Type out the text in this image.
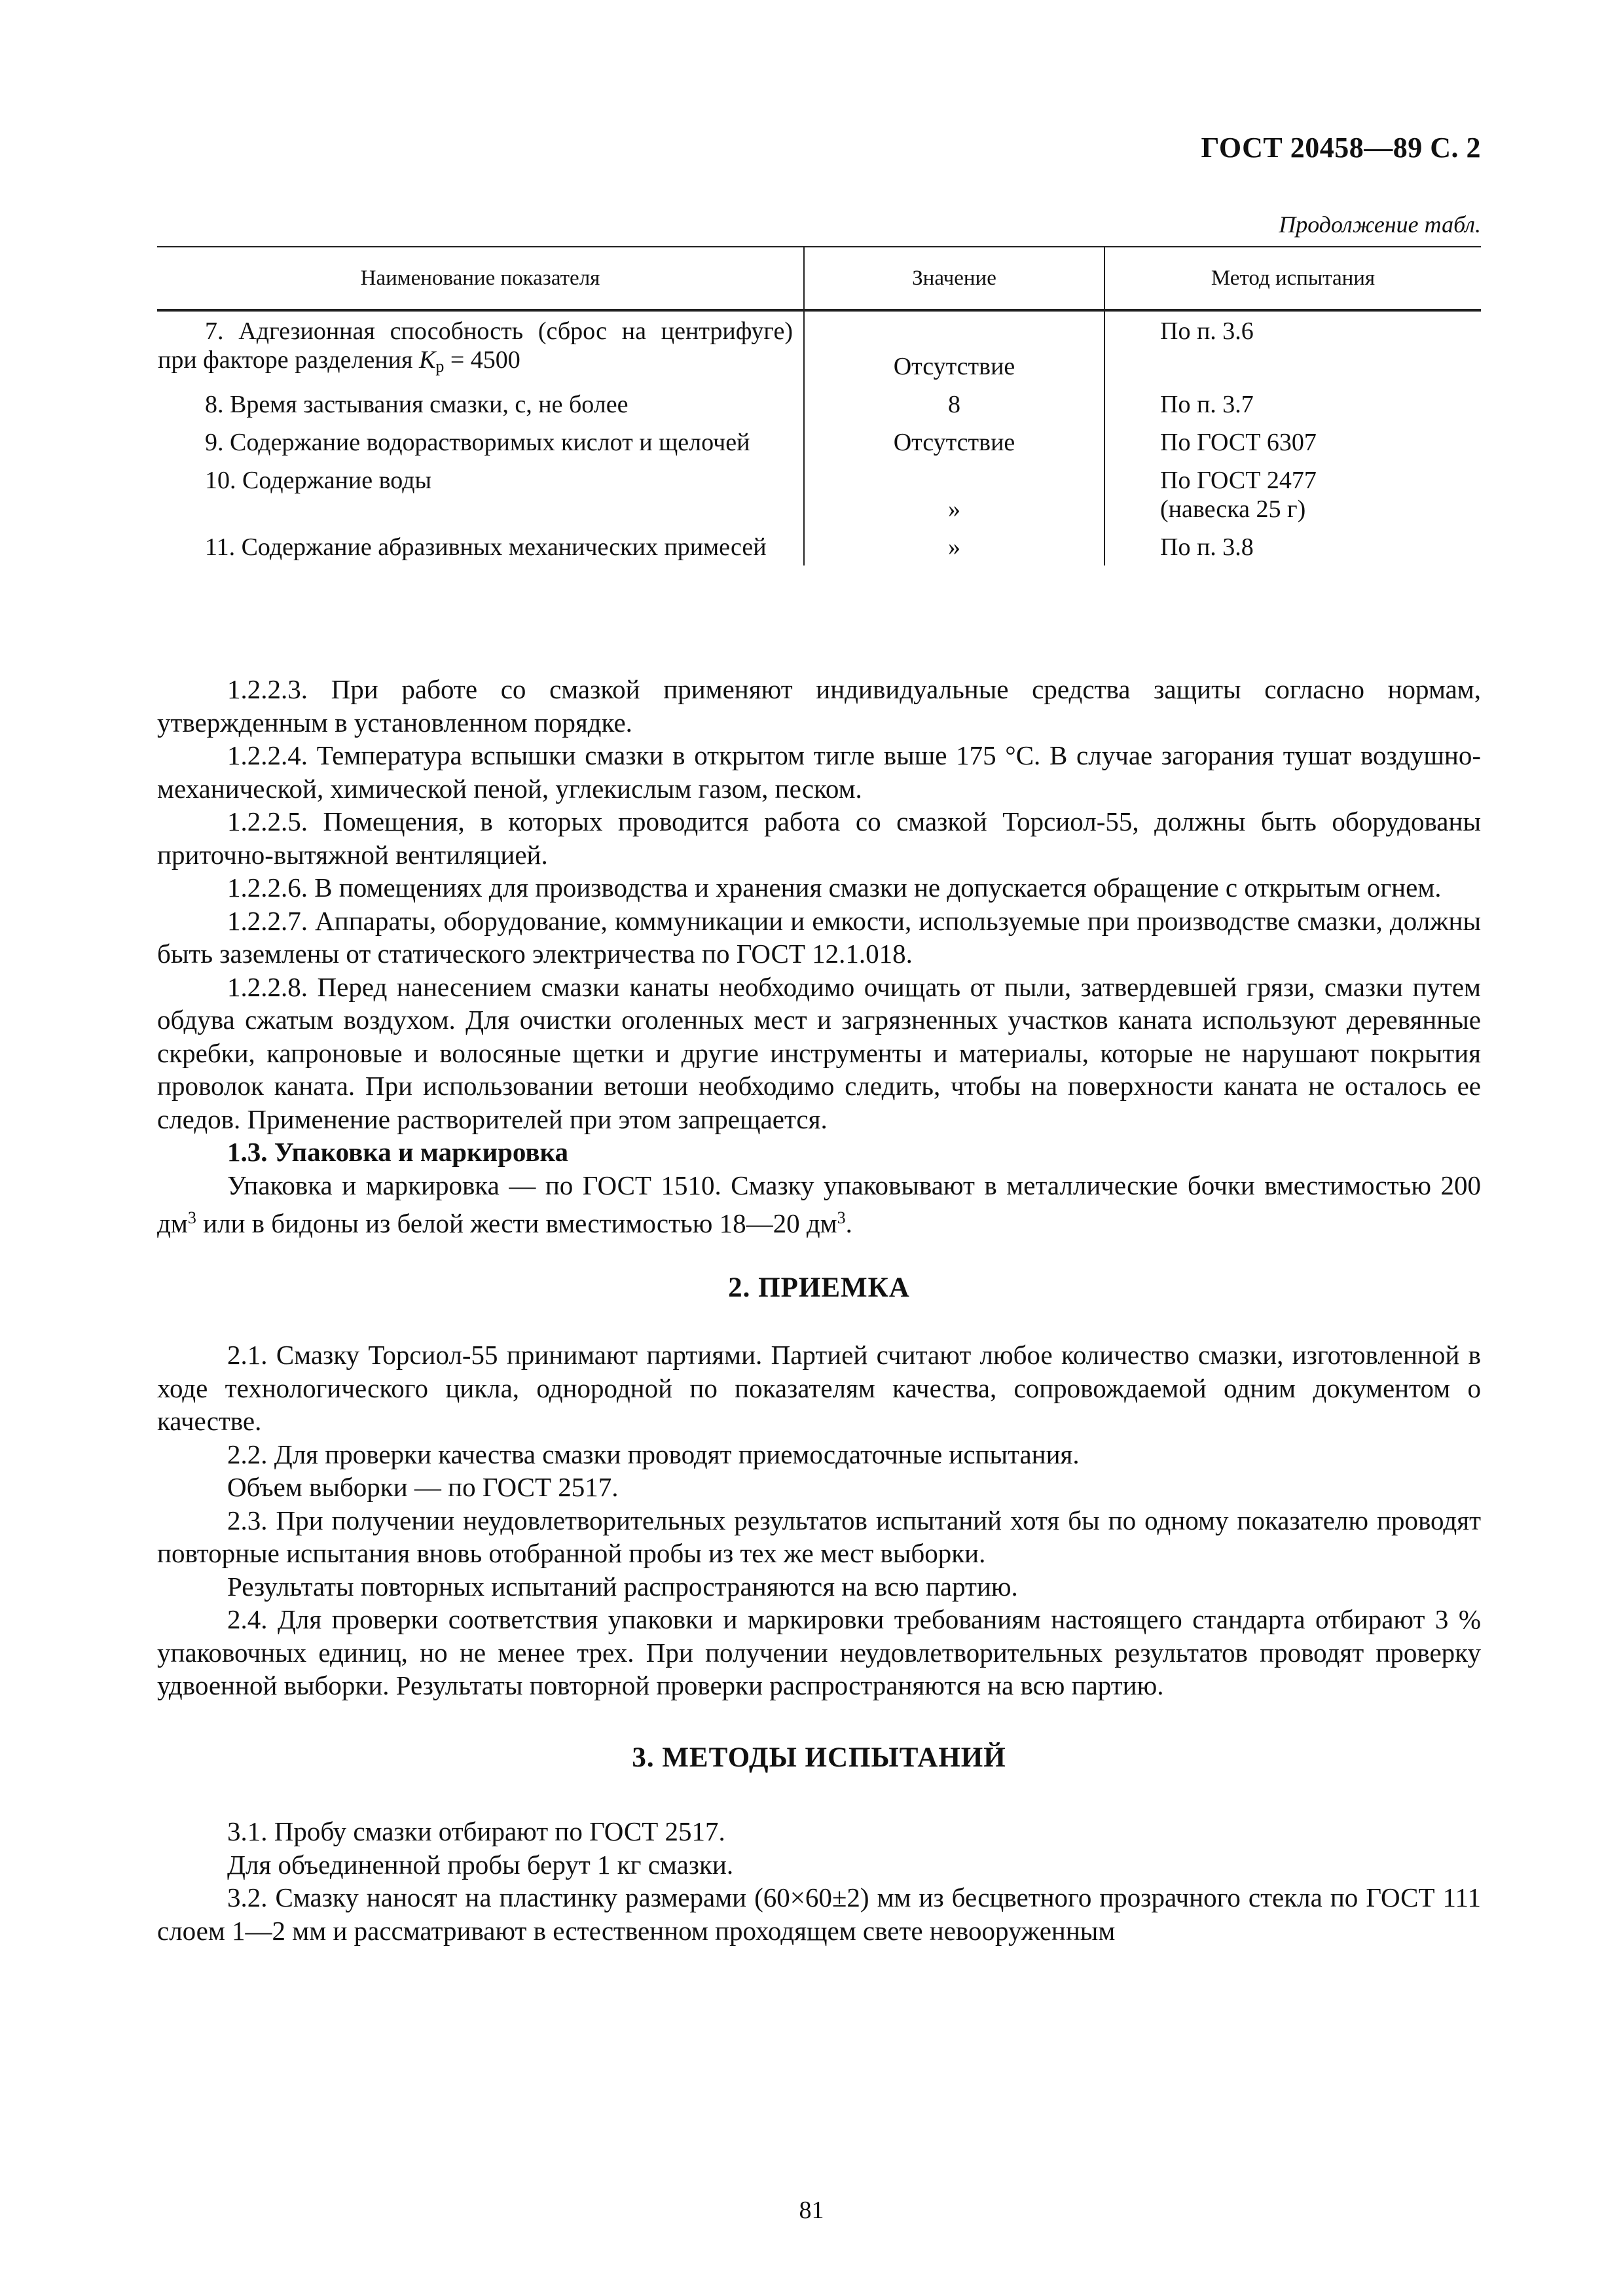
ГОСТ 20458—89 С. 2
Продолжение табл.
Наименование показателя	Значение	Метод испытания
7. Адгезионная способность (сброс на центрифуге) при факторе разделения $K_р = 4500$	Отсутствие	По п. 3.6
8. Время застывания смазки, с, не более	8	По п. 3.7
9. Содержание водорастворимых кислот и щелочей	Отсутствие	По ГОСТ 6307
10. Содержание воды	»	По ГОСТ 2477
(навеска 25 г)

11. Содержание абразивных механических примесей	»	По п. 3.8

1.2.2.3. При работе со смазкой применяют индивидуальные средства защиты согласно нормам, утвержденным в установленном порядке.

1.2.2.4. Температура вспышки смазки в открытом тигле выше 175 °С. В случае загорания тушат воздушно-механической, химической пеной, углекислым газом, песком.

1.2.2.5. Помещения, в которых проводится работа со смазкой Торсиол-55, должны быть оборудованы приточно-вытяжной вентиляцией.

1.2.2.6. В помещениях для производства и хранения смазки не допускается обращение с открытым огнем.

1.2.2.7. Аппараты, оборудование, коммуникации и емкости, используемые при производстве смазки, должны быть заземлены от статического электричества по ГОСТ 12.1.018.

1.2.2.8. Перед нанесением смазки канаты необходимо очищать от пыли, затвердевшей грязи, смазки путем обдува сжатым воздухом. Для очистки оголенных мест и загрязненных участков каната используют деревянные скребки, капроновые и волосяные щетки и другие инструменты и материалы, которые не нарушают покрытия проволок каната. При использовании ветоши необходимо следить, чтобы на поверхности каната не осталось ее следов. Применение растворителей при этом запрещается.

1.3. Упаковка и маркировка

Упаковка и маркировка — по ГОСТ 1510. Смазку упаковывают в металлические бочки вместимостью 200 $дм^3$ или в бидоны из белой жести вместимостью 18—20 $дм^3$.

2. ПРИЕМКА

2.1. Смазку Торсиол-55 принимают партиями. Партией считают любое количество смазки, изготовленной в ходе технологического цикла, однородной по показателям качества, сопровождаемой одним документом о качестве.

2.2. Для проверки качества смазки проводят приемосдаточные испытания.

Объем выборки — по ГОСТ 2517.

2.3. При получении неудовлетворительных результатов испытаний хотя бы по одному показателю проводят повторные испытания вновь отобранной пробы из тех же мест выборки.

Результаты повторных испытаний распространяются на всю партию.

2.4. Для проверки соответствия упаковки и маркировки требованиям настоящего стандарта отбирают 3 % упаковочных единиц, но не менее трех. При получении неудовлетворительных результатов проводят проверку удвоенной выборки. Результаты повторной проверки распространяются на всю партию.

3. МЕТОДЫ ИСПЫТАНИЙ

3.1. Пробу смазки отбирают по ГОСТ 2517.

Для объединенной пробы берут 1 кг смазки.

3.2. Смазку наносят на пластинку размерами (60×60±2) мм из бесцветного прозрачного стекла по ГОСТ 111 слоем 1—2 мм и рассматривают в естественном проходящем свете невооруженным

81
